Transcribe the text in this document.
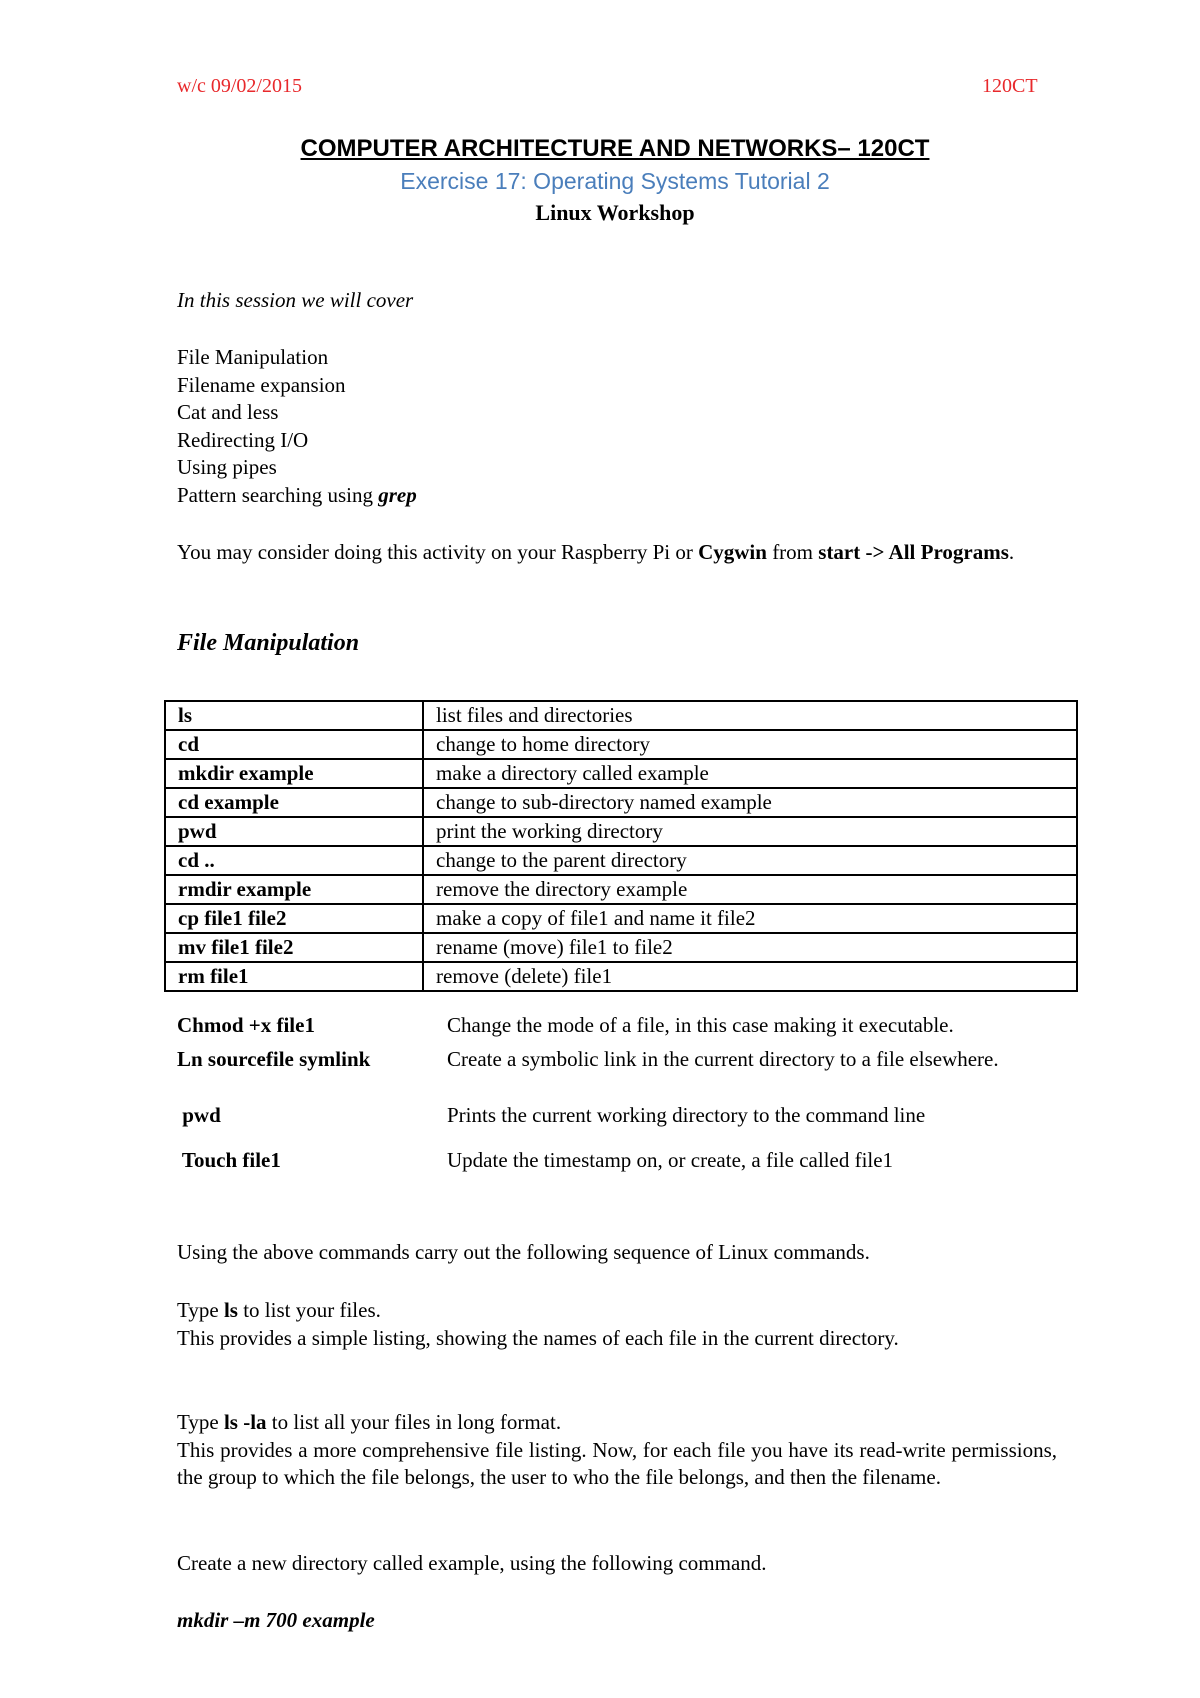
w/c 09/02/2015	120CT
COMPUTER ARCHITECTURE AND NETWORKS– 120CT
Exercise 17: Operating Systems Tutorial 2
Linux Workshop
In this session we will cover
File Manipulation
Filename expansion
Cat and less
Redirecting I/O
Using pipes
Pattern searching using grep
You may consider doing this activity on your Raspberry Pi or Cygwin from start -> All Programs.
File Manipulation
ls	list files and directories
cd	change to home directory
mkdir example	make a directory called example
cd example	change to sub-directory named example
pwd	print the working directory
cd ..	change to the parent directory
rmdir example	remove the directory example
cp file1 file2	make a copy of file1 and name it file2
mv file1 file2	rename (move) file1 to file2
rm file1	remove (delete) file1
Chmod +x file1	Change the mode of a file, in this case making it executable.
Ln sourcefile symlink	Create a symbolic link in the current directory to a file elsewhere.
pwd	Prints the current working directory to the command line
Touch file1	Update the timestamp on, or create, a file called file1
Using the above commands carry out the following sequence of Linux commands.
Type ls to list your files.
This provides a simple listing, showing the names of each file in the current directory.
Type ls -la to list all your files in long format.
This provides a more comprehensive file listing. Now, for each file you have its read-write permissions, the group to which the file belongs, the user to who the file belongs, and then the filename.
Create a new directory called example, using the following command.
mkdir –m 700 example
